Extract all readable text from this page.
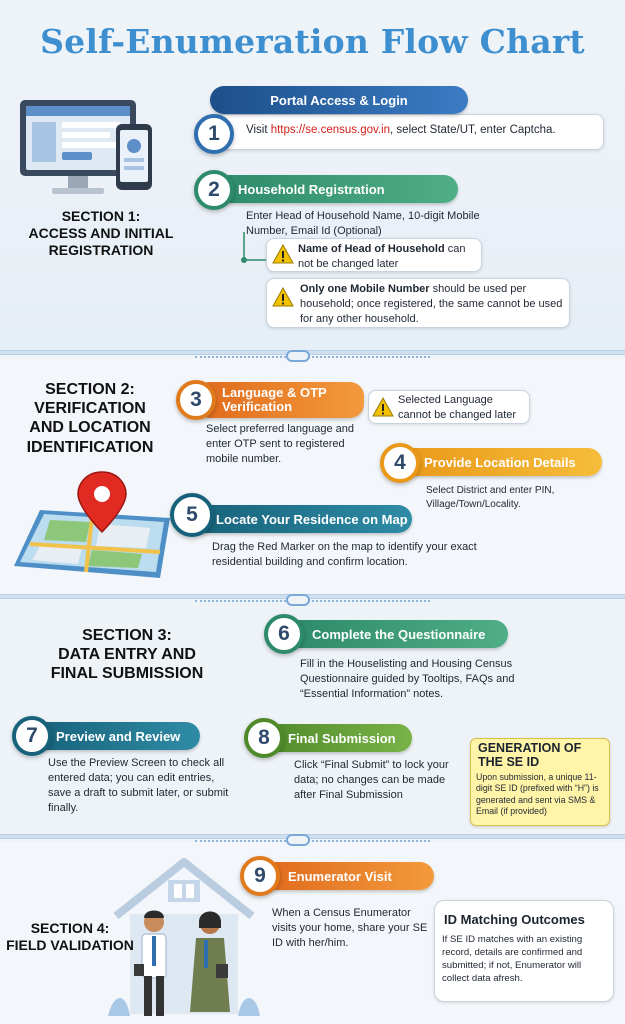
Self-Enumeration Flow Chart
SECTION 1:
ACCESS AND INITIAL
REGISTRATION
Portal Access & Login
1	Visit https://se.census.gov.in, select State/UT, enter Captcha.
Household Registration
2
Enter Head of Household Name, 10-digit Mobile Number, Email Id (Optional)
Name of Head of Household can not be changed later
Only one Mobile Number should be used per household; once registered, the same cannot be used for any other household.
SECTION 2:
VERIFICATION
AND LOCATION
IDENTIFICATION
Language & OTP Verification
3
Select preferred language and enter OTP sent to registered mobile number.
Selected Language cannot be changed later
Provide Location Details
4
Select District and enter PIN, Village/Town/Locality.
Locate Your Residence on Map
5
Drag the Red Marker on the map to identify your exact residential building and confirm location.
SECTION 3:
DATA ENTRY AND
FINAL SUBMISSION
Complete the Questionnaire
6
Fill in the Houselisting and Housing Census Questionnaire guided by Tooltips, FAQs and “Essential Information” notes.
Preview and Review
7
Use the Preview Screen to check all entered data; you can edit entries, save a draft to submit later, or submit finally.
Final Submission
8
Click “Final Submit” to lock your data; no changes can be made after Final Submission
GENERATION OF THE SE ID
Upon submission, a unique 11-digit SE ID (prefixed with “H”) is generated and sent via SMS & Email (if provided)
SECTION 4:
FIELD VALIDATION
Enumerator Visit
9
When a Census Enumerator visits your home, share your SE ID with her/him.
ID Matching Outcomes
If SE ID matches with an existing record, details are confirmed and submitted; if not, Enumerator will collect data afresh.
